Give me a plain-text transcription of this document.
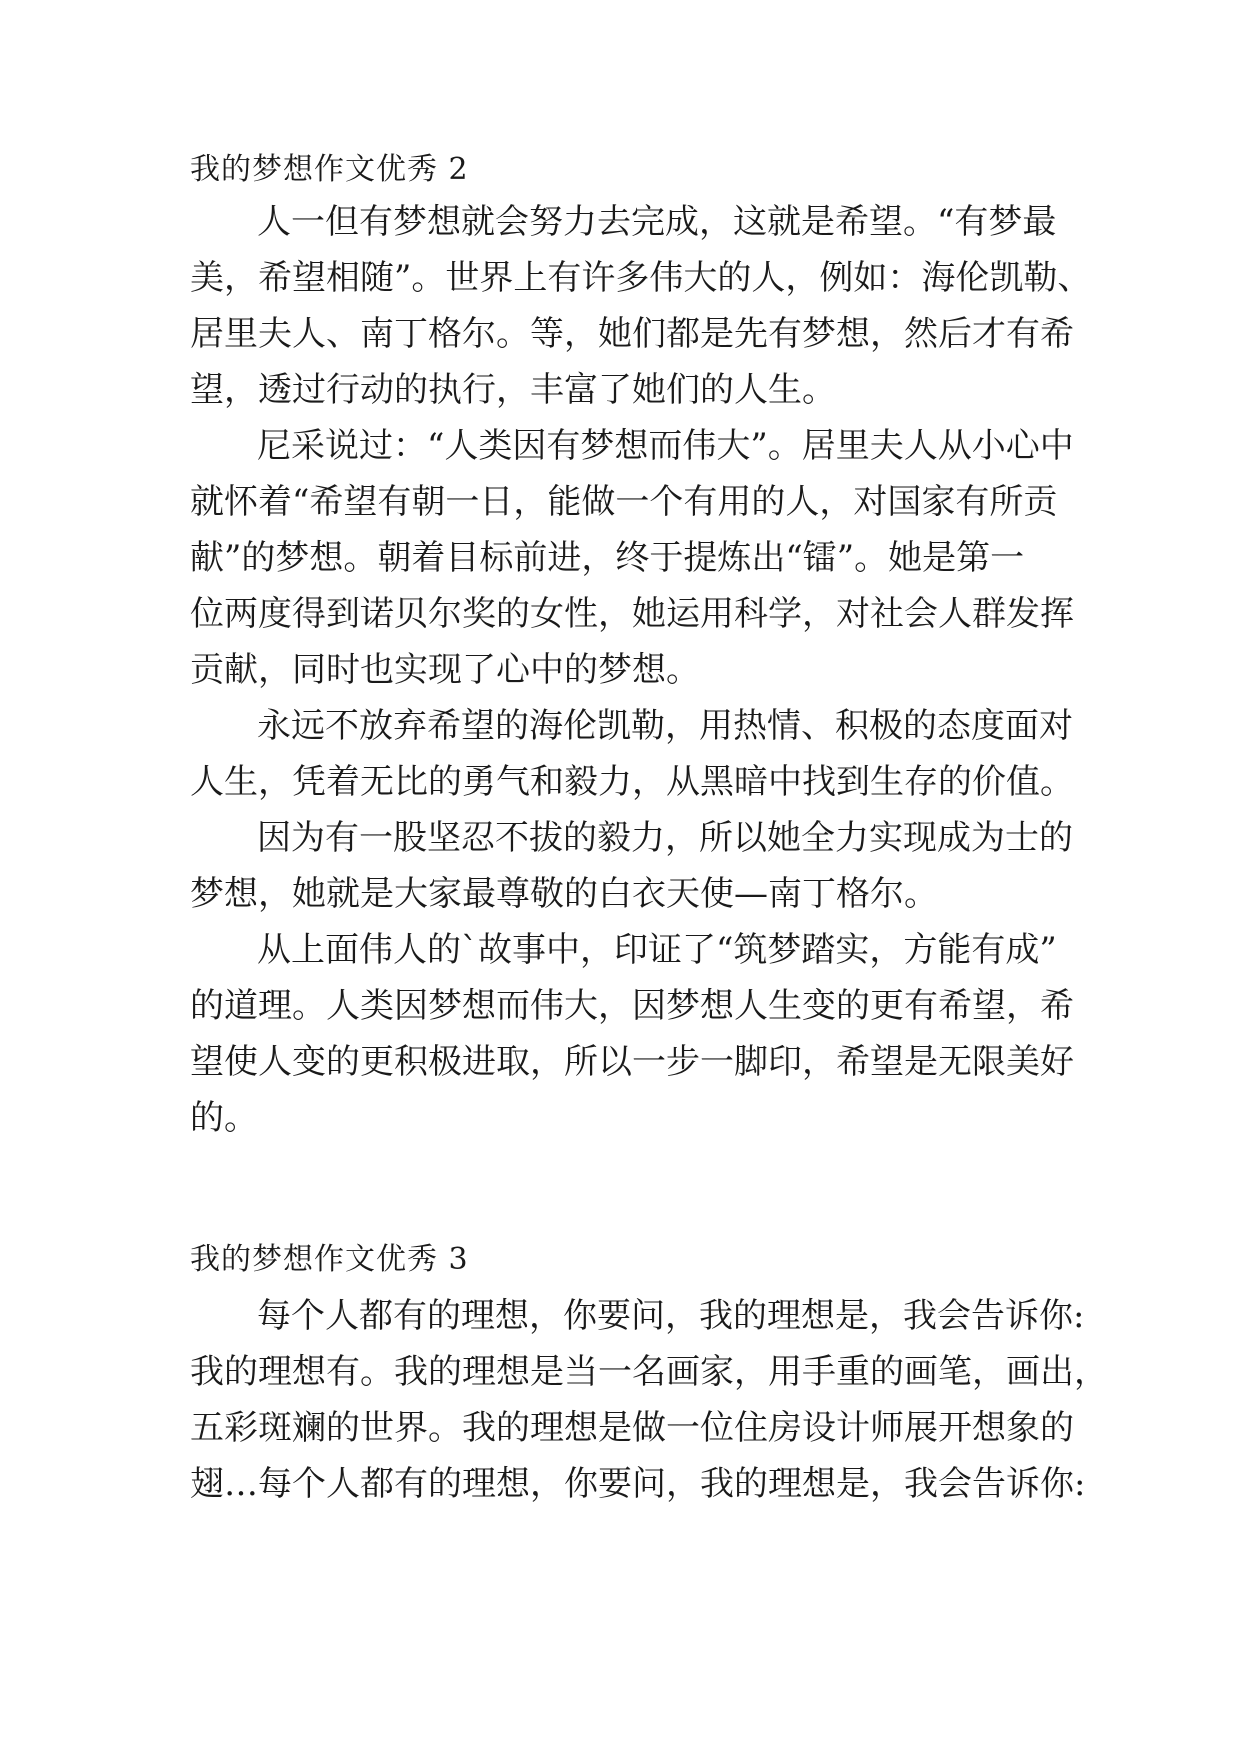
我的梦想作文优秀 2
人一但有梦想就会努力去完成，这就是希望。“有梦最
美，希望相随”。世界上有许多伟大的人，例如：海伦凯勒、
居里夫人、南丁格尔。等，她们都是先有梦想，然后才有希
望，透过行动的执行，丰富了她们的人生。
尼采说过：“人类因有梦想而伟大”。居里夫人从小心中
就怀着“希望有朝一日，能做一个有用的人，对国家有所贡
献”的梦想。朝着目标前进，终于提炼出“镭”。她是第一
位两度得到诺贝尔奖的女性，她运用科学，对社会人群发挥
贡献，同时也实现了心中的梦想。
永远不放弃希望的海伦凯勒，用热情、积极的态度面对
人生，凭着无比的勇气和毅力，从黑暗中找到生存的价值。
因为有一股坚忍不拔的毅力，所以她全力实现成为士的
梦想，她就是大家最尊敬的白衣天使—南丁格尔。
从上面伟人的`故事中，印证了“筑梦踏实，方能有成”
的道理。人类因梦想而伟大，因梦想人生变的更有希望，希
望使人变的更积极进取，所以一步一脚印，希望是无限美好
的。
我的梦想作文优秀 3
每个人都有的理想，你要问，我的理想是，我会告诉你:
我的理想有。我的理想是当一名画家，用手重的画笔，画出，
五彩斑斓的世界。我的理想是做一位住房设计师展开想象的
翅…每个人都有的理想，你要问，我的理想是，我会告诉你:
